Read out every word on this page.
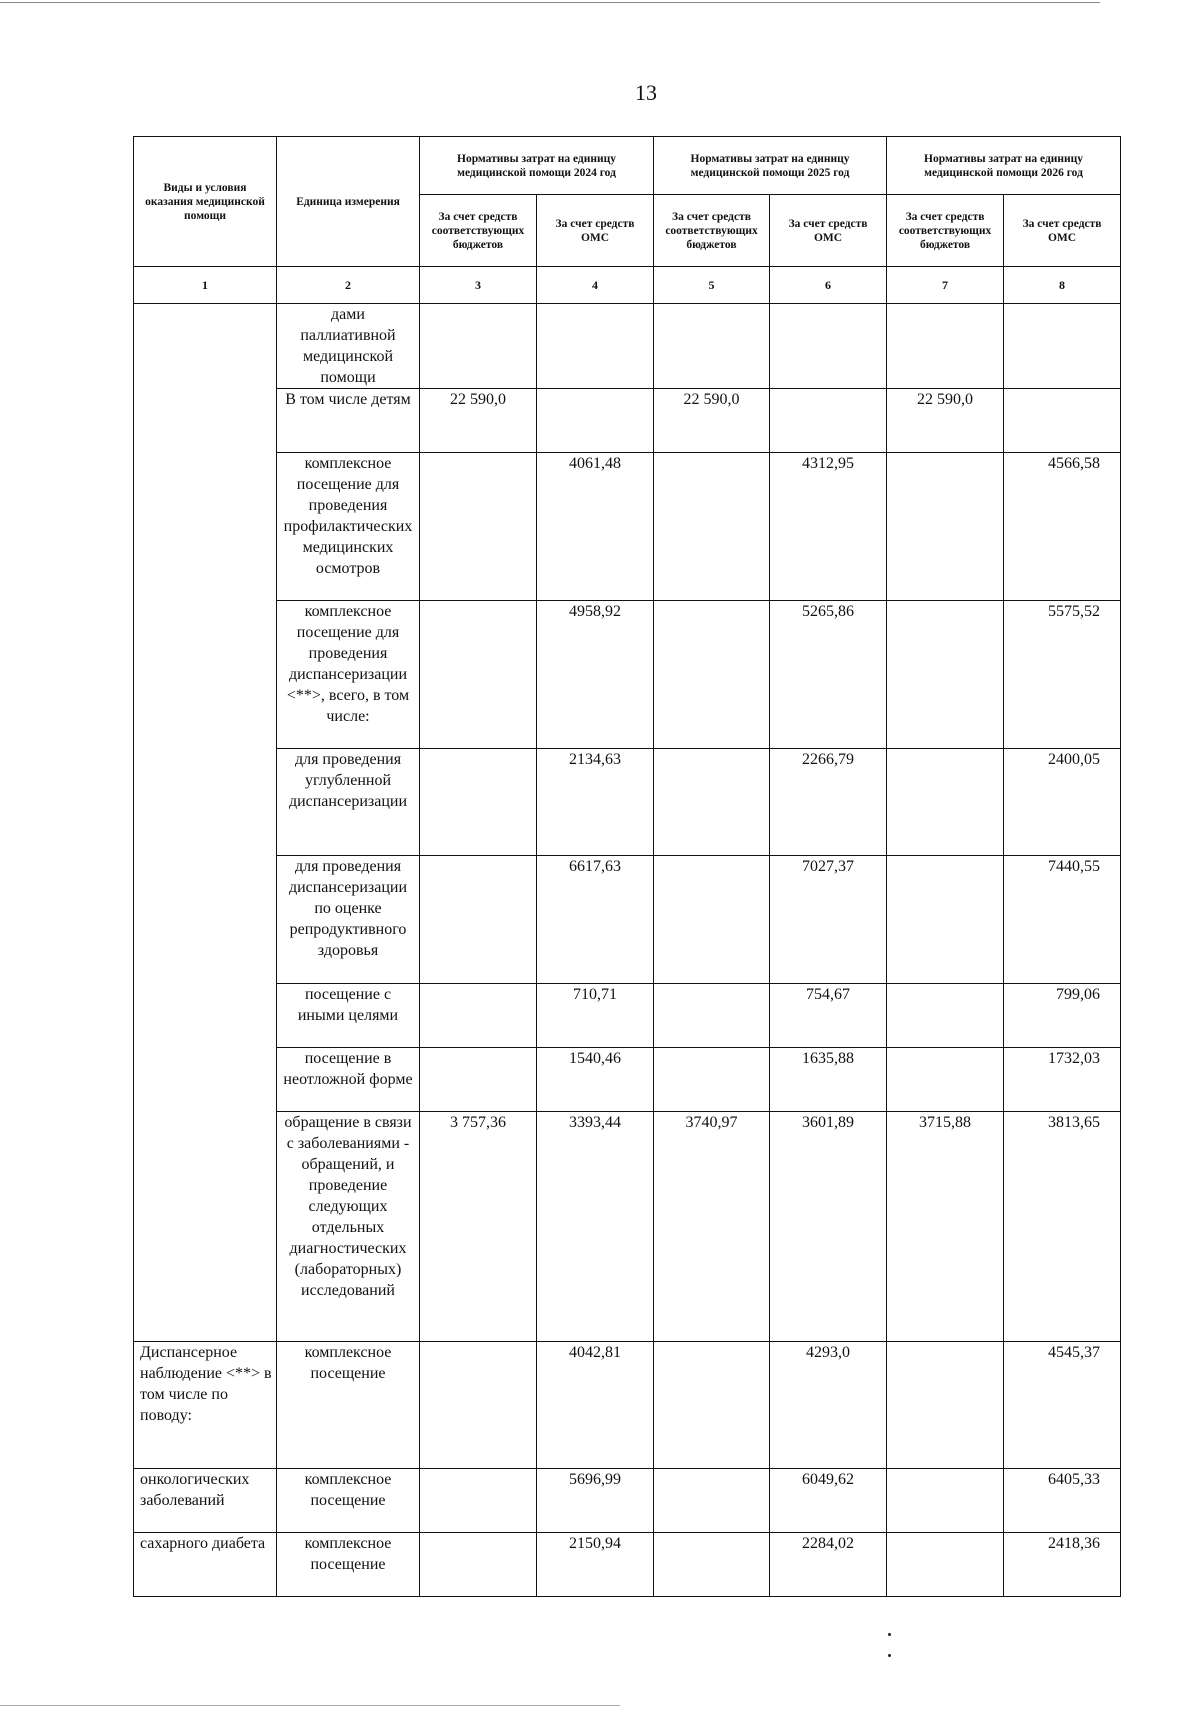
13
Виды и условия оказания медицинской помощи	Единица измерения	Нормативы затрат на единицу медицинской помощи 2024 год		Нормативы затрат на единицу медицинской помощи 2025 год		Нормативы затрат на единицу медицинской помощи 2026 год	
		За счет средств соответствующих бюджетов	За счет средств ОМС	За счет средств соответствующих бюджетов	За счет средств ОМС	За счет средств соответствующих бюджетов	За счет средств ОМС
1	2	3	4	5	6	7	8
	дами паллиативной медицинской помощи						
	В том числе детям	22 590,0		22 590,0		22 590,0	
	комплексное посещение для проведения профилактических медицинских осмотров		4061,48		4312,95		4566,58
	комплексное посещение для проведения диспансеризации <**>, всего, в том числе:		4958,92		5265,86		5575,52
	для проведения углубленной диспансеризации		2134,63		2266,79		2400,05
	для проведения диспансеризации по оценке репродуктивного здоровья		6617,63		7027,37		7440,55
	посещение с иными целями		710,71		754,67		799,06
	посещение в неотложной форме		1540,46		1635,88		1732,03
	обращение в связи с заболеваниями - обращений, и проведение следующих отдельных диагностических (лабораторных) исследований	3 757,36	3393,44	3740,97	3601,89	3715,88	3813,65
Диспансерное наблюдение <**> в том числе по поводу:	комплексное посещение		4042,81		4293,0		4545,37
онкологических заболеваний	комплексное посещение		5696,99		6049,62		6405,33
сахарного диабета	комплексное посещение		2150,94		2284,02		2418,36
